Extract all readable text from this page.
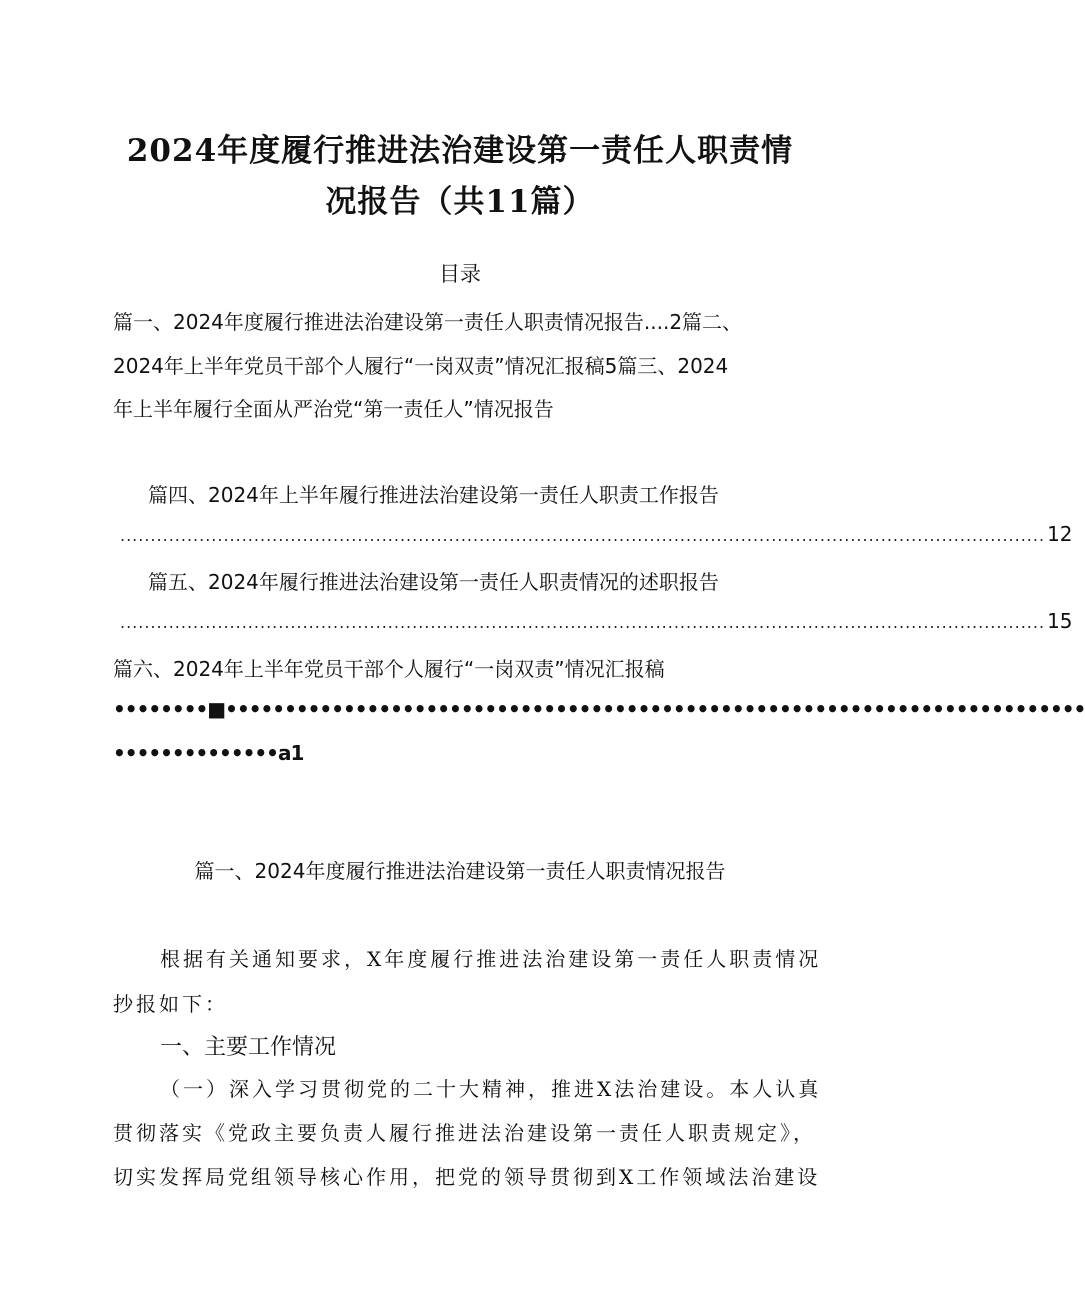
2024年度履行推进法治建设第一责任人职责情
况报告（共11篇）
目录
篇一、2024年度履行推进法治建设第一责任人职责情况报告....2篇二、
2024年上半年党员干部个人履行“一岗双责”情况汇报稿5篇三、2024
年上半年履行全面从严治党“第一责任人”情况报告
篇四、2024年上半年履行推进法治建设第一责任人职责工作报告
........................................................................................................................................................ 12
篇五、2024年履行推进法治建设第一责任人职责情况的述职报告
........................................................................................................................................................ 15
篇六、2024年上半年党员干部个人履行“一岗双责”情况汇报稿
••••••••■•••••••••••••••••••••••••••••••••••••••••••••••••••••••••••••••••••••••••
••••••••••••••a1
篇一、2024年度履行推进法治建设第一责任人职责情况报告
根据有关通知要求，X年度履行推进法治建设第一责任人职责情况
抄报如下：
一、主要工作情况
（一）深入学习贯彻党的二十大精神，推进X法治建设。本人认真
贯彻落实《党政主要负责人履行推进法治建设第一责任人职责规定》，
切实发挥局党组领导核心作用，把党的领导贯彻到X工作领域法治建设
